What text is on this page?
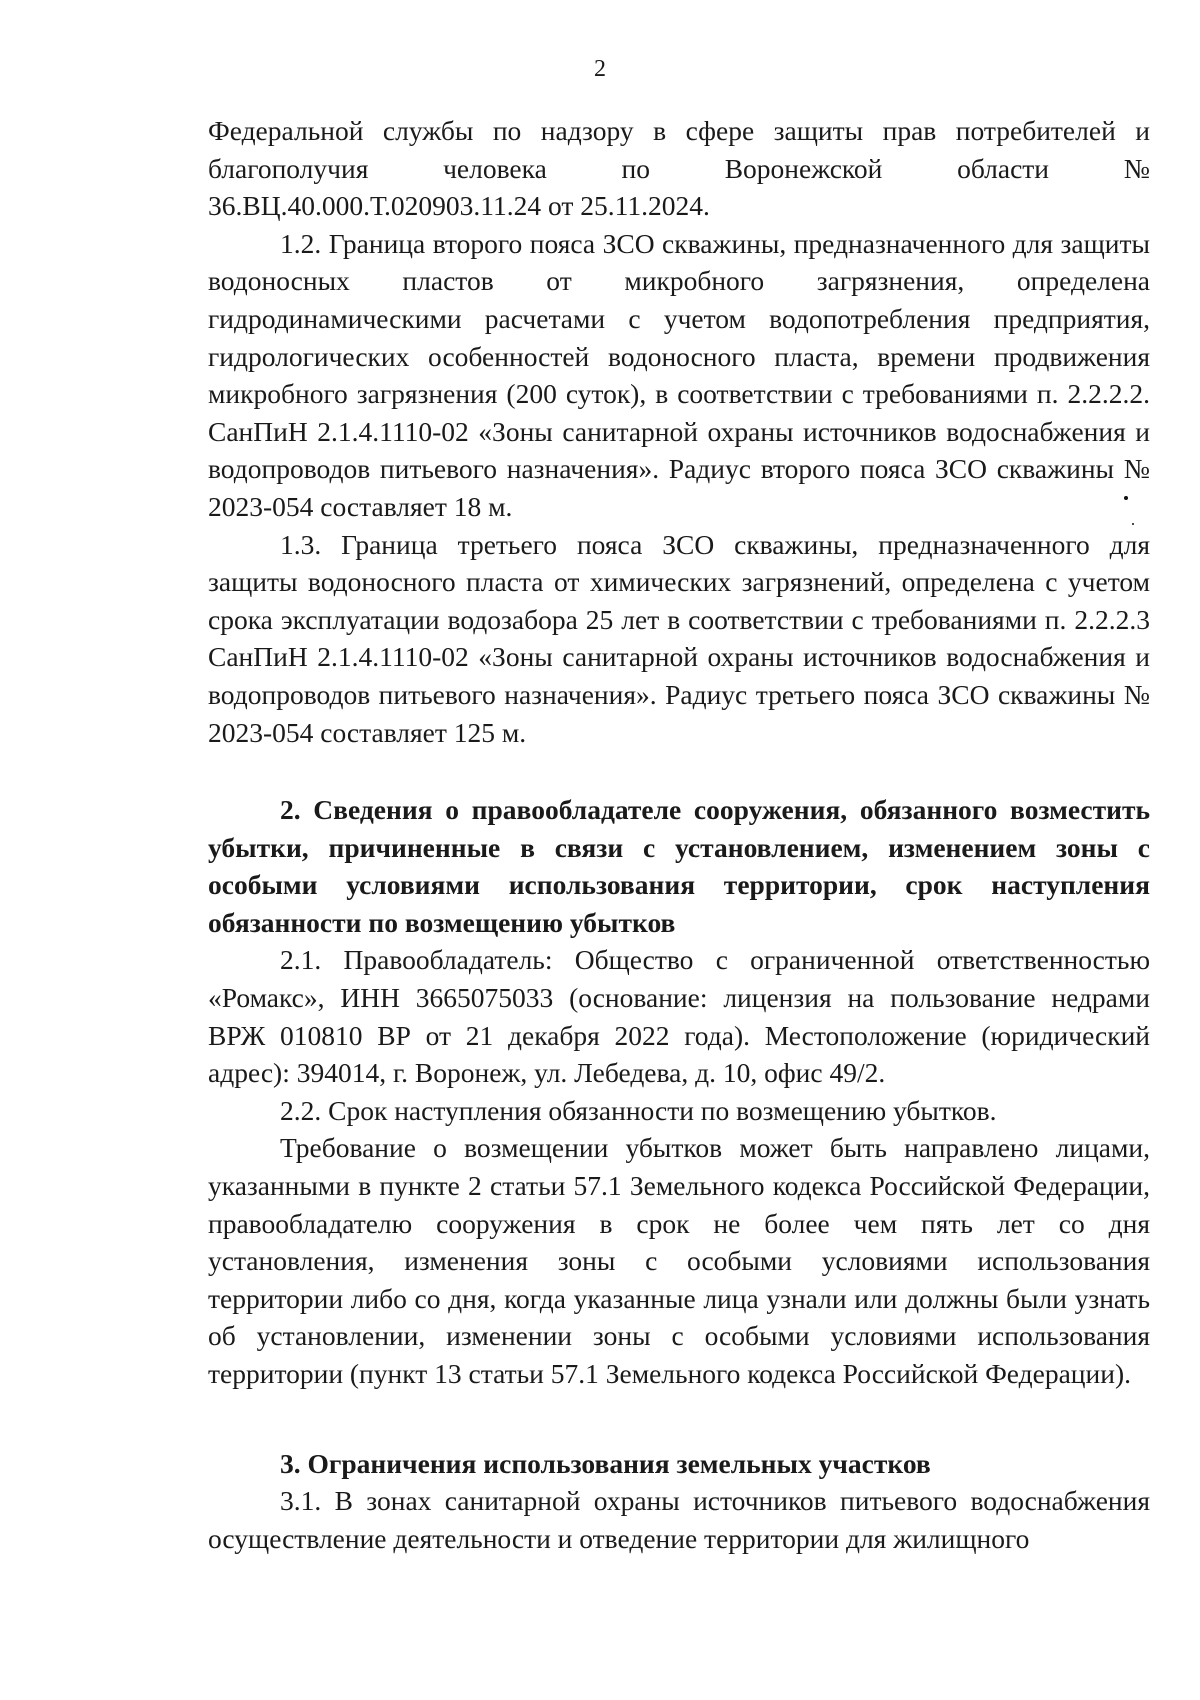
2

Федеральной службы по надзору в сфере защиты прав потребителей и благополучия человека по Воронежской области № 36.ВЦ.40.000.Т.020903.11.24 от 25.11.2024.

1.2. Граница второго пояса ЗСО скважины, предназначенного для защиты водоносных пластов от микробного загрязнения, определена гидродинамическими расчетами с учетом водопотребления предприятия, гидрологических особенностей водоносного пласта, времени продвижения микробного загрязнения (200 суток), в соответствии с требованиями п. 2.2.2.2. СанПиН 2.1.4.1110-02 «Зоны санитарной охраны источников водоснабжения и водопроводов питьевого назначения». Радиус второго пояса ЗСО скважины № 2023-054 составляет 18 м.

1.3. Граница третьего пояса ЗСО скважины, предназначенного для защиты водоносного пласта от химических загрязнений, определена с учетом срока эксплуатации водозабора 25 лет в соответствии с требованиями п. 2.2.2.3 СанПиН 2.1.4.1110-02 «Зоны санитарной охраны источников водоснабжения и водопроводов питьевого назначения». Радиус третьего пояса ЗСО скважины № 2023-054 составляет 125 м.

2. Сведения о правообладателе сооружения, обязанного возместить убытки, причиненные в связи с установлением, изменением зоны с особыми условиями использования территории, срок наступления обязанности по возмещению убытков

2.1. Правообладатель: Общество с ограниченной ответственностью «Ромакс», ИНН 3665075033 (основание: лицензия на пользование недрами ВРЖ 010810 ВР от 21 декабря 2022 года). Местоположение (юридический адрес): 394014, г. Воронеж, ул. Лебедева, д. 10, офис 49/2.

2.2. Срок наступления обязанности по возмещению убытков.

Требование о возмещении убытков может быть направлено лицами, указанными в пункте 2 статьи 57.1 Земельного кодекса Российской Федерации, правообладателю сооружения в срок не более чем пять лет со дня установления, изменения зоны с особыми условиями использования территории либо со дня, когда указанные лица узнали или должны были узнать об установлении, изменении зоны с особыми условиями использования территории (пункт 13 статьи 57.1 Земельного кодекса Российской Федерации).

3. Ограничения использования земельных участков

3.1. В зонах санитарной охраны источников питьевого водоснабжения осуществление деятельности и отведение территории для жилищного
